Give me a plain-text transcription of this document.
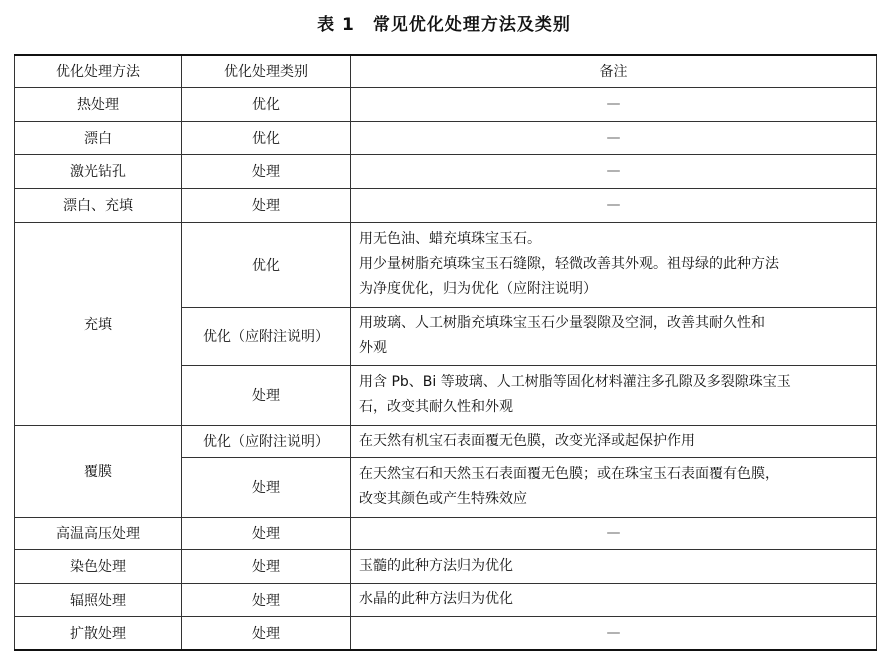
表 1　常见优化处理方法及类别
优化处理方法	优化处理类别	备注
热处理	优化	—
漂白	优化	—
激光钻孔	处理	—
漂白、充填	处理	—
充填	优化	用无色油、蜡充填珠宝玉石。
用少量树脂充填珠宝玉石缝隙，轻微改善其外观。祖母绿的此种方法
为净度优化，归为优化（应附注说明）

	优化（应附注说明）	用玻璃、人工树脂充填珠宝玉石少量裂隙及空洞，改善其耐久性和
外观

	处理	用含 Pb、Bi 等玻璃、人工树脂等固化材料灌注多孔隙及多裂隙珠宝玉
石，改变其耐久性和外观

覆膜	优化（应附注说明）	在天然有机宝石表面覆无色膜，改变光泽或起保护作用
	处理	在天然宝石和天然玉石表面覆无色膜；或在珠宝玉石表面覆有色膜，
改变其颜色或产生特殊效应

高温高压处理	处理	—
染色处理	处理	玉髓的此种方法归为优化
辐照处理	处理	水晶的此种方法归为优化
扩散处理	处理	—
